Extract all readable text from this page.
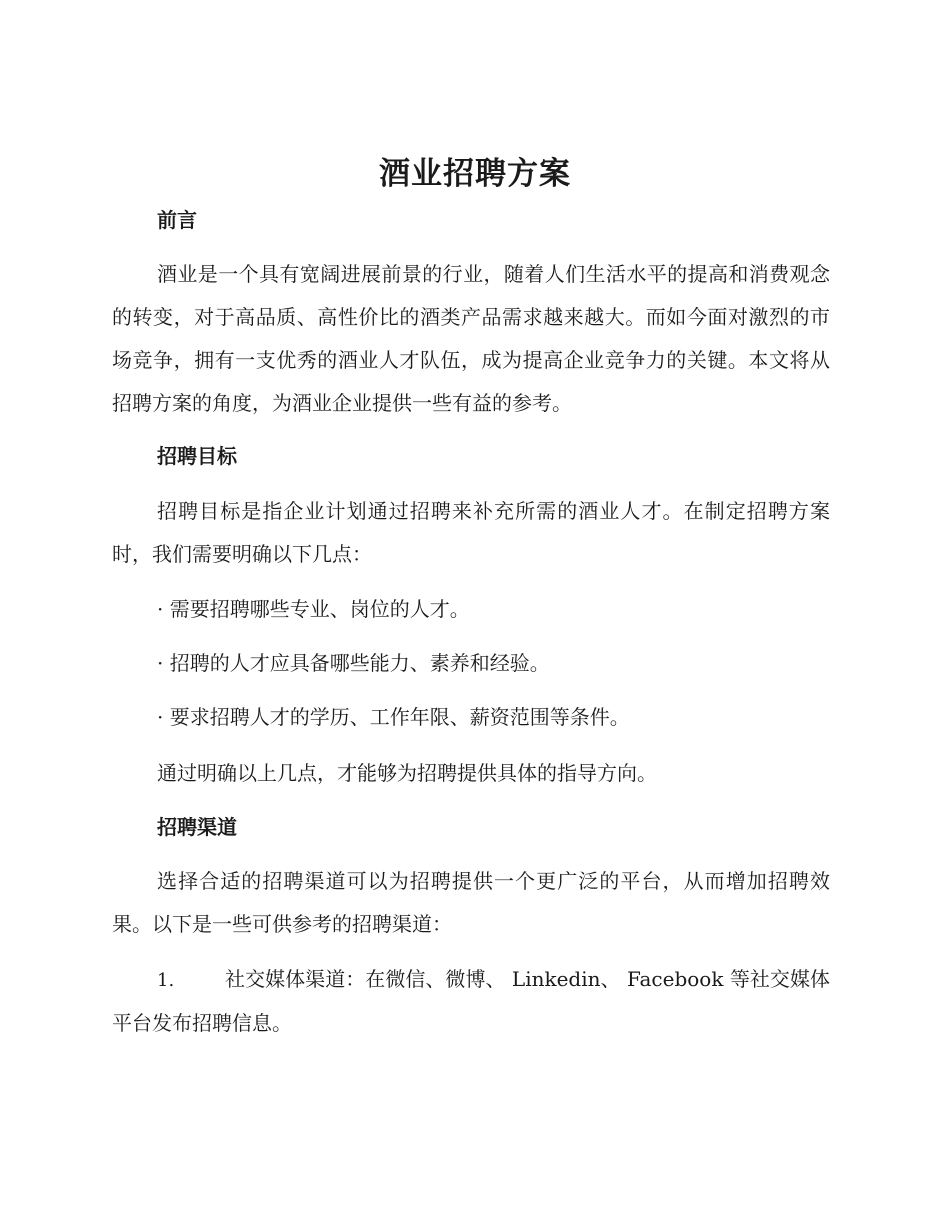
酒业招聘方案
前言
酒业是一个具有宽阔进展前景的行业，随着人们生活水平的提高和消费观念的转变，对于高品质、高性价比的酒类产品需求越来越大。而如今面对激烈的市场竞争，拥有一支优秀的酒业人才队伍，成为提高企业竞争力的关键。本文将从招聘方案的角度，为酒业企业提供一些有益的参考。
招聘目标
招聘目标是指企业计划通过招聘来补充所需的酒业人才。在制定招聘方案时，我们需要明确以下几点：
· 需要招聘哪些专业、岗位的人才。
· 招聘的人才应具备哪些能力、素养和经验。
· 要求招聘人才的学历、工作年限、薪资范围等条件。
通过明确以上几点，才能够为招聘提供具体的指导方向。
招聘渠道
选择合适的招聘渠道可以为招聘提供一个更广泛的平台，从而增加招聘效果。以下是一些可供参考的招聘渠道：
1.	社交媒体渠道：在微信、微博、 Linkedin、 Facebook 等社交媒体平台发布招聘信息。
